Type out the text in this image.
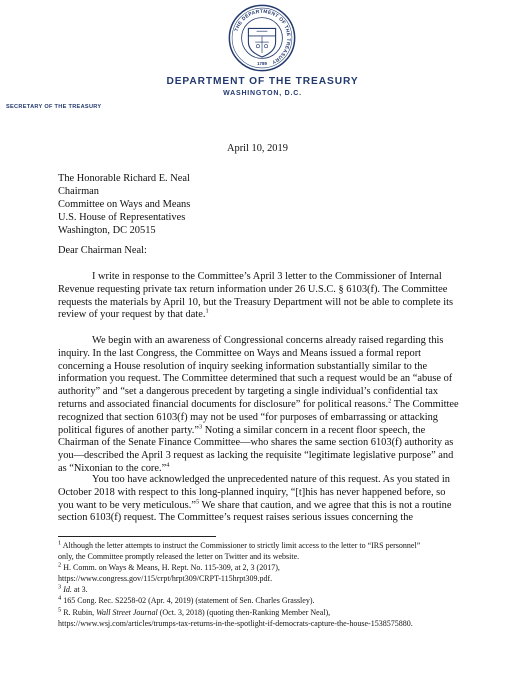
THE DEPARTMENT OF THE TREASURY
1789
DEPARTMENT OF THE TREASURY
WASHINGTON, D.C.
SECRETARY OF THE TREASURY
April 10, 2019
The Honorable Richard E. Neal
Chairman
Committee on Ways and Means
U.S. House of Representatives
Washington, DC 20515
Dear Chairman Neal:
I write in response to the Committee’s April 3 letter to the Commissioner of Internal
Revenue requesting private tax return information under 26 U.S.C. § 6103(f). The Committee
requests the materials by April 10, but the Treasury Department will not be able to complete its
review of your request by that date.$^1$
We begin with an awareness of Congressional concerns already raised regarding this
inquiry. In the last Congress, the Committee on Ways and Means issued a formal report
concerning a House resolution of inquiry seeking information substantially similar to the
information you request. The Committee determined that such a request would be an “abuse of
authority” and “set a dangerous precedent by targeting a single individual’s confidential tax
returns and associated financial documents for disclosure” for political reasons.$^2$ The Committee
recognized that section 6103(f) may not be used “for purposes of embarrassing or attacking
political figures of another party.”$^3$ Noting a similar concern in a recent floor speech, the
Chairman of the Senate Finance Committee—who shares the same section 6103(f) authority as
you—described the April 3 request as lacking the requisite “legitimate legislative purpose” and
as “Nixonian to the core.”$^4$
You too have acknowledged the unprecedented nature of this request. As you stated in
October 2018 with respect to this long-planned inquiry, “[t]his has never happened before, so
you want to be very meticulous.”$^5$ We share that caution, and we agree that this is not a routine
section 6103(f) request. The Committee’s request raises serious issues concerning the
$^1$ Although the letter attempts to instruct the Commissioner to strictly limit access to the letter to “IRS personnel”
only, the Committee promptly released the letter on Twitter and its website.
$^2$ H. Comm. on Ways & Means, H. Rept. No. 115-309, at 2, 3 (2017),
https://www.congress.gov/115/crpt/hrpt309/CRPT-115hrpt309.pdf.
$^3$ Id. at 3.
$^4$ 165 Cong. Rec. S2258-02 (Apr. 4, 2019) (statement of Sen. Charles Grassley).
$^5$ R. Rubin, Wall Street Journal (Oct. 3, 2018) (quoting then-Ranking Member Neal),
https://www.wsj.com/articles/trumps-tax-returns-in-the-spotlight-if-democrats-capture-the-house-1538575880.
